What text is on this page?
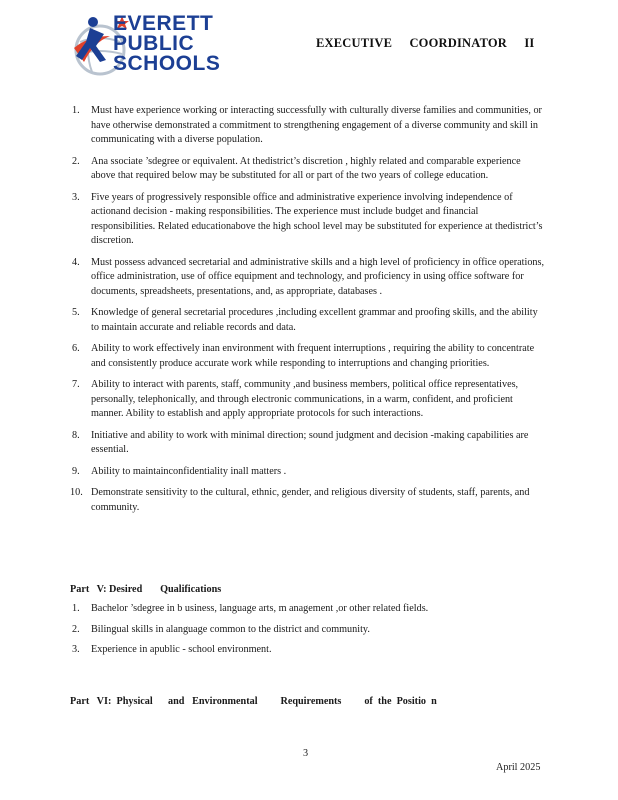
EVERETT
PUBLIC
SCHOOLS
EXECUTIVE COORDINATOR II
1. Must have experience working or interacting successfully with culturally diverse families and communities, or have otherwise demonstrated a commitment to strengthening engagement of a diverse community and skill in communicating with a diverse population.
2. Ana ssociate ’sdegree or equivalent. At thedistrict’s discretion , highly related and comparable experience above that required below may be substituted for all or part of the two years of college education.
3. Five years of progressively responsible office and administrative experience involving independence of actionand decision - making responsibilities. The experience must include budget and financial responsibilities. Related educationabove the high school level may be substituted for experience at thedistrict’s discretion.
4. Must possess advanced secretarial and administrative skills and a high level of proficiency in office operations, office administration, use of office equipment and technology, and proficiency in using office software for documents, spreadsheets, presentations, and, as appropriate, databases .
5. Knowledge of general secretarial procedures ,including excellent grammar and proofing skills, and the ability to maintain accurate and reliable records and data.
6. Ability to work effectively inan environment with frequent interruptions , requiring the ability to concentrate and consistently produce accurate work while responding to interruptions and changing priorities.
7. Ability to interact with parents, staff, community ,and business members, political office representatives, personally, telephonically, and through electronic communications, in a warm, confident, and proficient manner. Ability to establish and apply appropriate protocols for such interactions.
8. Initiative and ability to work with minimal direction; sound judgment and decision -making capabilities are essential.
9. Ability to maintainconfidentiality inall matters .
10. Demonstrate sensitivity to the cultural, ethnic, gender, and religious diversity of students, staff, parents, and community.
Part   V: Desired       Qualifications
1. Bachelor ’sdegree in b usiness, language arts, m anagement ,or other related fields.
2. Bilingual skills in alanguage common to the district and community.
3. Experience in apublic - school environment.
Part   VI:  Physical      and   Environmental         Requirements         of  the  Positio  n
3
April 2025
